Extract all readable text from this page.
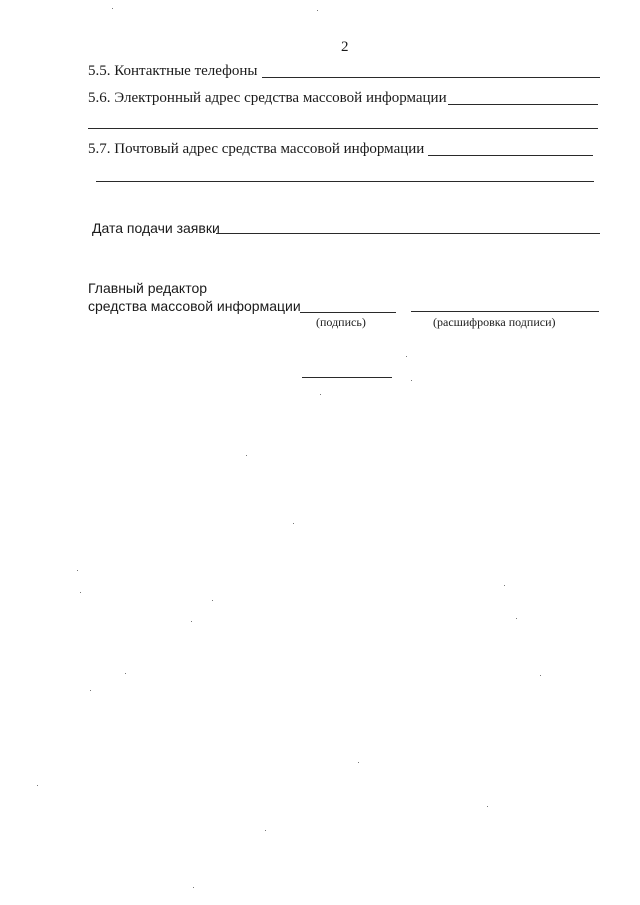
2
5.5. Контактные телефоны
5.6. Электронный адрес средства массовой информации
5.7. Почтовый адрес средства массовой информации
Дата подачи заявки
Главный редактор
средства массовой информации
(подпись)	(расшифровка подписи)
